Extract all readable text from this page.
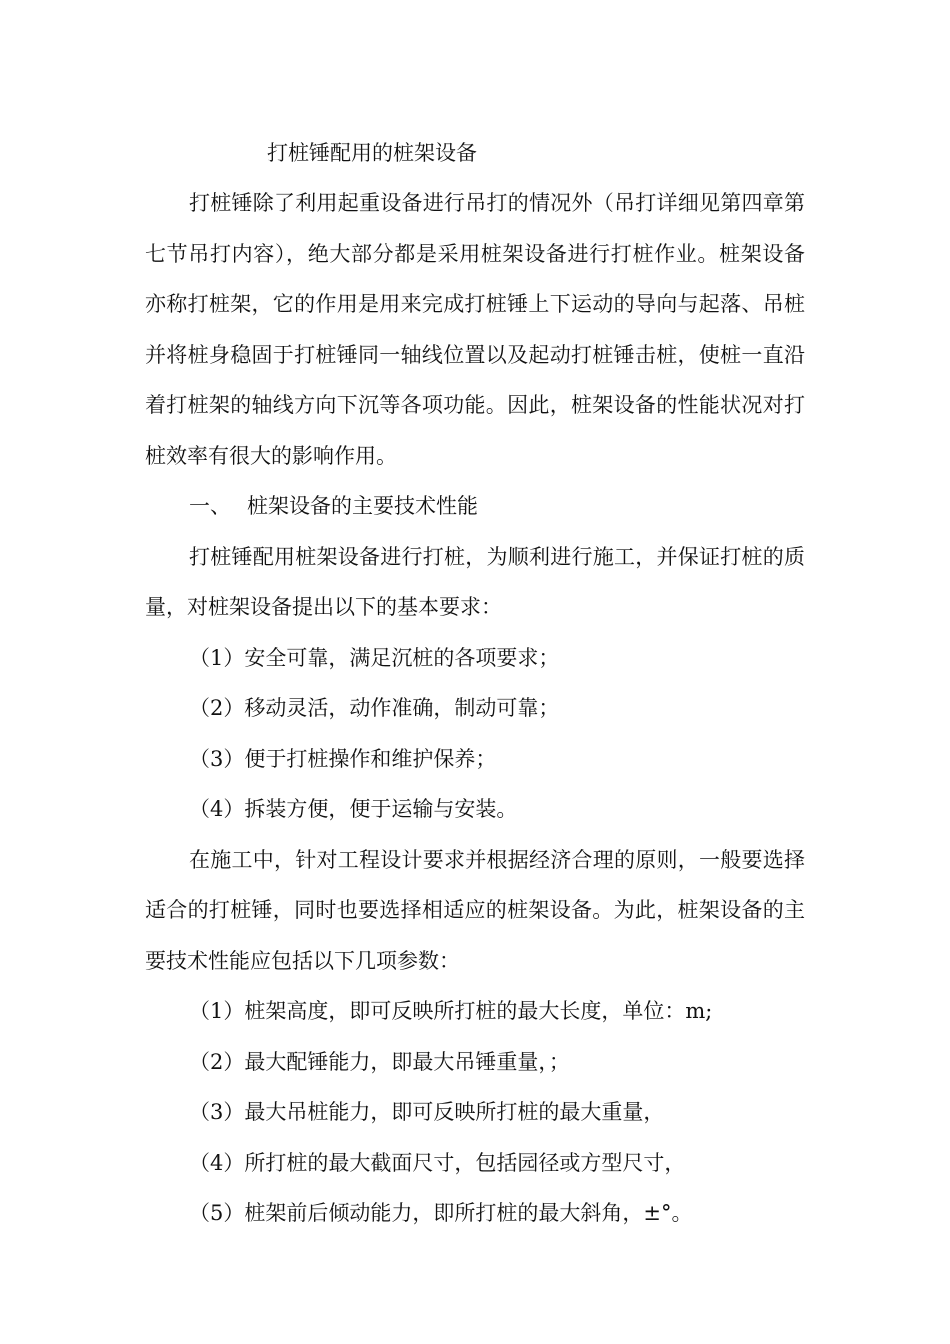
打桩锤配用的桩架设备

打桩锤除了利用起重设备进行吊打的情况外（吊打详细见第四章第七节吊打内容），绝大部分都是采用桩架设备进行打桩作业。桩架设备亦称打桩架，它的作用是用来完成打桩锤上下运动的导向与起落、吊桩并将桩身稳固于打桩锤同一轴线位置以及起动打桩锤击桩，使桩一直沿着打桩架的轴线方向下沉等各项功能。因此，桩架设备的性能状况对打桩效率有很大的影响作用。

一、 桩架设备的主要技术性能

打桩锤配用桩架设备进行打桩，为顺利进行施工，并保证打桩的质量，对桩架设备提出以下的基本要求：

（1）安全可靠，满足沉桩的各项要求；

（2）移动灵活，动作准确，制动可靠；

（3）便于打桩操作和维护保养；

（4）拆装方便，便于运输与安装。

在施工中，针对工程设计要求并根据经济合理的原则，一般要选择适合的打桩锤，同时也要选择相适应的桩架设备。为此，桩架设备的主要技术性能应包括以下几项参数：

（1）桩架高度，即可反映所打桩的最大长度，单位：m;

（2）最大配锤能力，即最大吊锤重量，；

（3）最大吊桩能力，即可反映所打桩的最大重量，

（4）所打桩的最大截面尺寸，包括园径或方型尺寸，

（5）桩架前后倾动能力，即所打桩的最大斜角，±°。
